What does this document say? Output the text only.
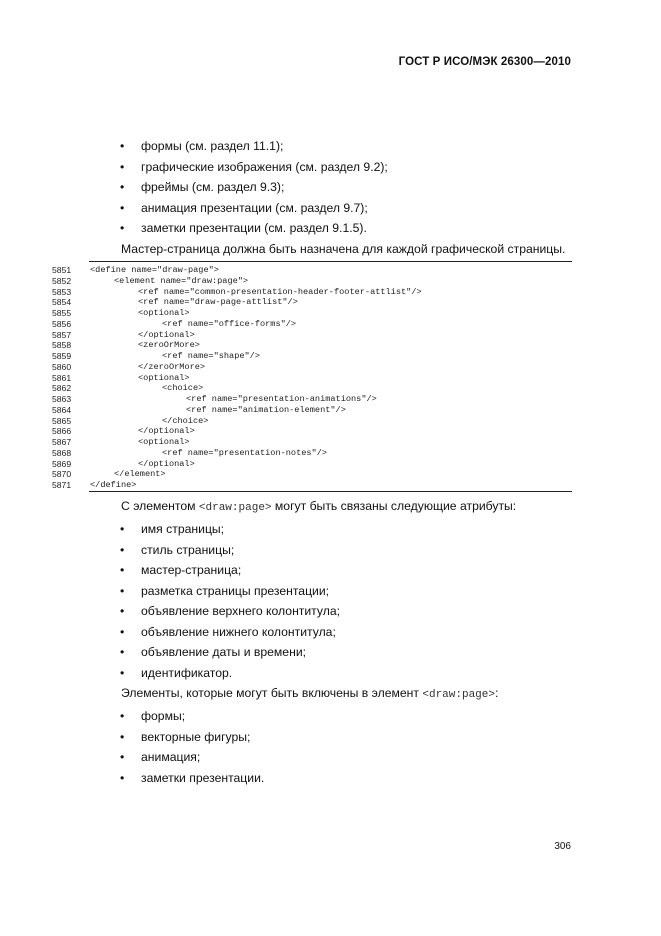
ГОСТ Р ИСО/МЭК 26300—2010
• формы (см. раздел 11.1);
• графические изображения (см. раздел 9.2);
• фреймы (см. раздел 9.3);
• анимация презентации (см. раздел 9.7);
• заметки презентации (см. раздел 9.1.5).
Мастер-страница должна быть назначена для каждой графической страницы.
5851	<define name="draw-page">
5852	<element name="draw:page">
5853	<ref name="common-presentation-header-footer-attlist"/>
5854	<ref name="draw-page-attlist"/>
5855	<optional>
5856	<ref name="office-forms"/>
5857	</optional>
5858	<zeroOrMore>
5859	<ref name="shape"/>
5860	</zeroOrMore>
5861	<optional>
5862	<choice>
5863	<ref name="presentation-animations"/>
5864	<ref name="animation-element"/>
5865	</choice>
5866	</optional>
5867	<optional>
5868	<ref name="presentation-notes"/>
5869	</optional>
5870	</element>
5871	</define>
С элементом <draw:page> могут быть связаны следующие атрибуты:
• имя страницы;
• стиль страницы;
• мастер-страница;
• разметка страницы презентации;
• объявление верхнего колонтитула;
• объявление нижнего колонтитула;
• объявление даты и времени;
• идентификатор.
Элементы, которые могут быть включены в элемент <draw:page>:
• формы;
• векторные фигуры;
• анимация;
• заметки презентации.
306
